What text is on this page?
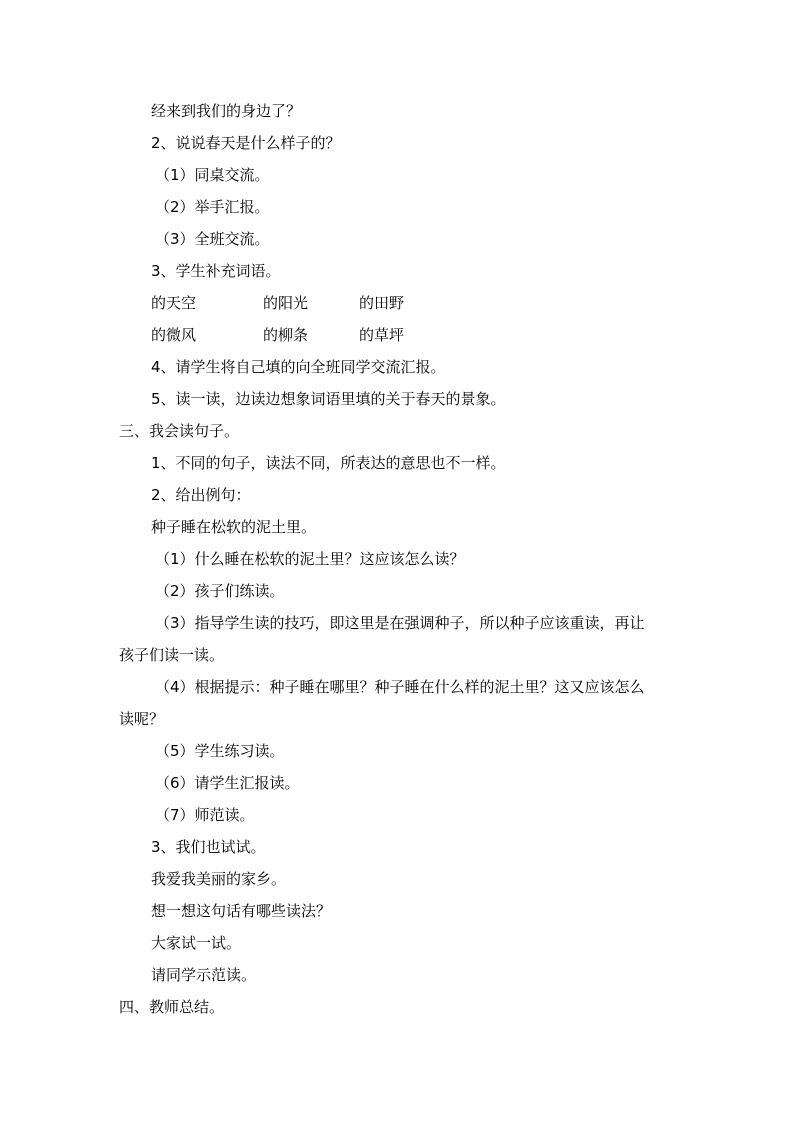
经来到我们的身边了？
2、说说春天是什么样子的？
（1）同桌交流。
（2）举手汇报。
（3）全班交流。
3、学生补充词语。
的天空	的阳光	的田野
的微风	的柳条	的草坪
4、请学生将自己填的向全班同学交流汇报。
5、读一读，边读边想象词语里填的关于春天的景象。
三、我会读句子。
1、不同的句子，读法不同，所表达的意思也不一样。
2、给出例句：
种子睡在松软的泥土里。
（1）什么睡在松软的泥土里？这应该怎么读？
（2）孩子们练读。
（3）指导学生读的技巧，即这里是在强调种子，所以种子应该重读，再让
孩子们读一读。
（4）根据提示：种子睡在哪里？种子睡在什么样的泥土里？这又应该怎么
读呢？
（5）学生练习读。
（6）请学生汇报读。
（7）师范读。
3、我们也试试。
我爱我美丽的家乡。
想一想这句话有哪些读法？
大家试一试。
请同学示范读。
四、教师总结。
